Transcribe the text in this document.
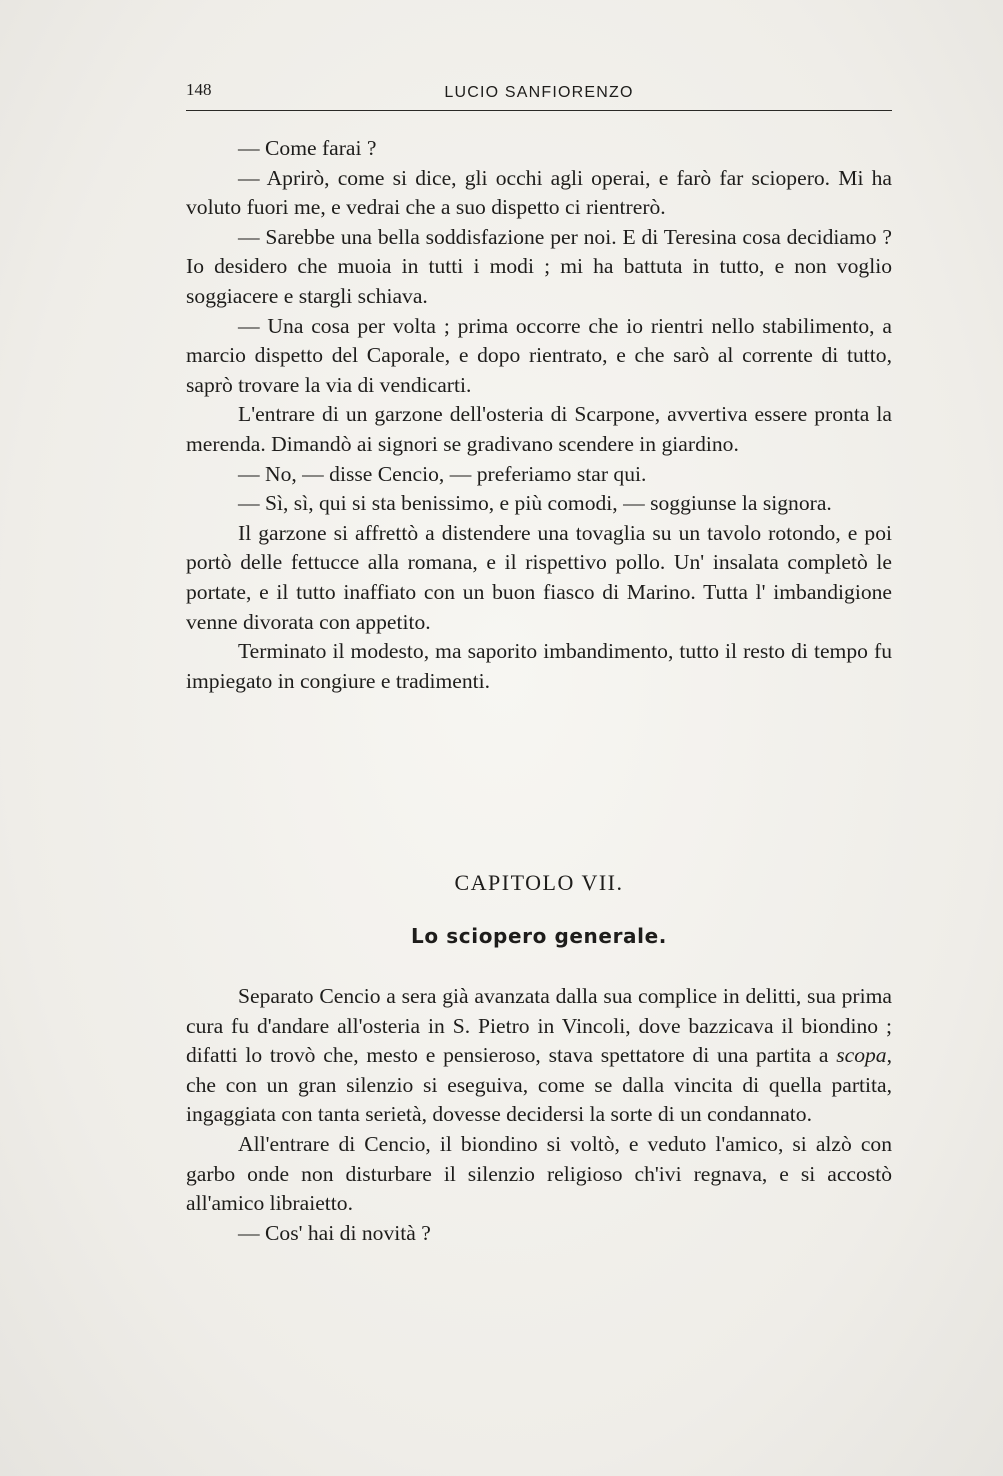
148	LUCIO SANFIORENZO

— Come farai ?

— Aprirò, come si dice, gli occhi agli operai, e farò far sciopero. Mi ha voluto fuori me, e vedrai che a suo dispetto ci rientrerò.

— Sarebbe una bella soddisfazione per noi. E di Teresina cosa decidiamo ? Io desidero che muoia in tutti i modi ; mi ha battuta in tutto, e non voglio soggiacere e stargli schiava.

— Una cosa per volta ; prima occorre che io rientri nello stabilimento, a marcio dispetto del Caporale, e dopo rientrato, e che sarò al corrente di tutto, saprò trovare la via di vendicarti.

L'entrare di un garzone dell'osteria di Scarpone, avvertiva essere pronta la merenda. Dimandò ai signori se gradivano scendere in giardino.

— No, — disse Cencio, — preferiamo star qui.

— Sì, sì, qui si sta benissimo, e più comodi, — soggiunse la signora.

Il garzone si affrettò a distendere una tovaglia su un tavolo rotondo, e poi portò delle fettucce alla romana, e il rispettivo pollo. Un' insalata completò le portate, e il tutto inaffiato con un buon fiasco di Marino. Tutta l' imbandigione venne divorata con appetito.

Terminato il modesto, ma saporito imbandimento, tutto il resto di tempo fu impiegato in congiure e tradimenti.

CAPITOLO VII.
Lo sciopero generale.

Separato Cencio a sera già avanzata dalla sua complice in delitti, sua prima cura fu d'andare all'osteria in S. Pietro in Vincoli, dove bazzicava il biondino ; difatti lo trovò che, mesto e pensieroso, stava spettatore di una partita a scopa, che con un gran silenzio si eseguiva, come se dalla vincita di quella partita, ingaggiata con tanta serietà, dovesse decidersi la sorte di un condannato.

All'entrare di Cencio, il biondino si voltò, e veduto l'amico, si alzò con garbo onde non disturbare il silenzio religioso ch'ivi regnava, e si accostò all'amico libraietto.

— Cos' hai di novità ?
